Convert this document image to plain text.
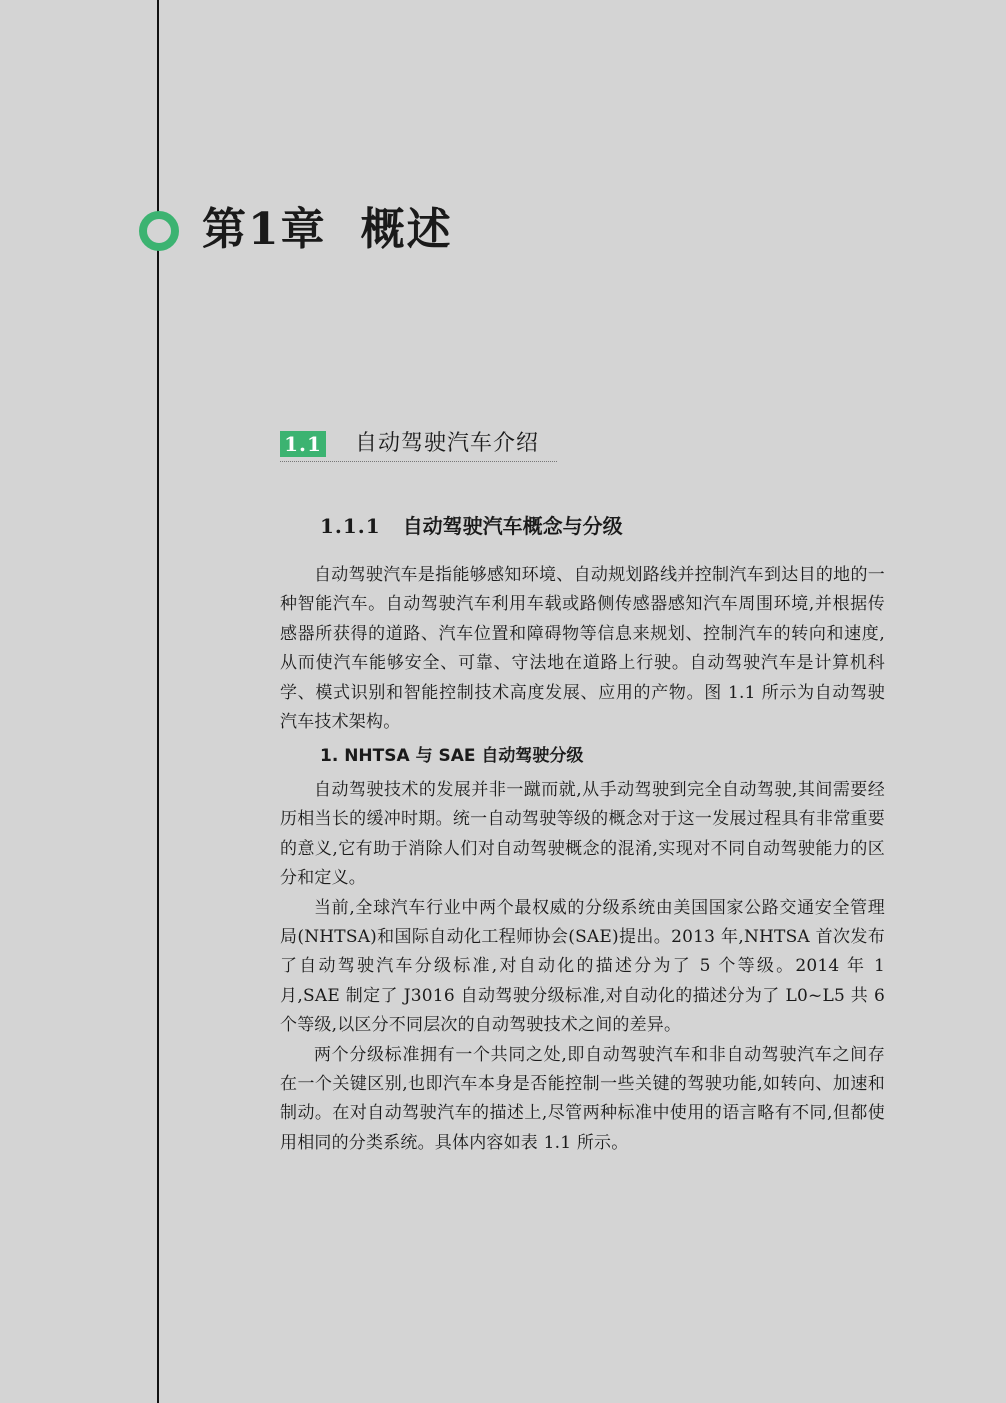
第1章 概述
1.1 自动驾驶汽车介绍
1.1.1 自动驾驶汽车概念与分级

自动驾驶汽车是指能够感知环境、自动规划路线并控制汽车到达目的地的一种智能汽车。自动驾驶汽车利用车载或路侧传感器感知汽车周围环境,并根据传感器所获得的道路、汽车位置和障碍物等信息来规划、控制汽车的转向和速度,从而使汽车能够安全、可靠、守法地在道路上行驶。自动驾驶汽车是计算机科学、模式识别和智能控制技术高度发展、应用的产物。图 1.1 所示为自动驾驶汽车技术架构。

1. NHTSA 与 SAE 自动驾驶分级

自动驾驶技术的发展并非一蹴而就,从手动驾驶到完全自动驾驶,其间需要经历相当长的缓冲时期。统一自动驾驶等级的概念对于这一发展过程具有非常重要的意义,它有助于消除人们对自动驾驶概念的混淆,实现对不同自动驾驶能力的区分和定义。

当前,全球汽车行业中两个最权威的分级系统由美国国家公路交通安全管理局(NHTSA)和国际自动化工程师协会(SAE)提出。2013 年,NHTSA 首次发布了自动驾驶汽车分级标准,对自动化的描述分为了 5 个等级。2014 年 1 月,SAE 制定了 J3016 自动驾驶分级标准,对自动化的描述分为了 L0~L5 共 6 个等级,以区分不同层次的自动驾驶技术之间的差异。

两个分级标准拥有一个共同之处,即自动驾驶汽车和非自动驾驶汽车之间存在一个关键区别,也即汽车本身是否能控制一些关键的驾驶功能,如转向、加速和制动。在对自动驾驶汽车的描述上,尽管两种标准中使用的语言略有不同,但都使用相同的分类系统。具体内容如表 1.1 所示。
